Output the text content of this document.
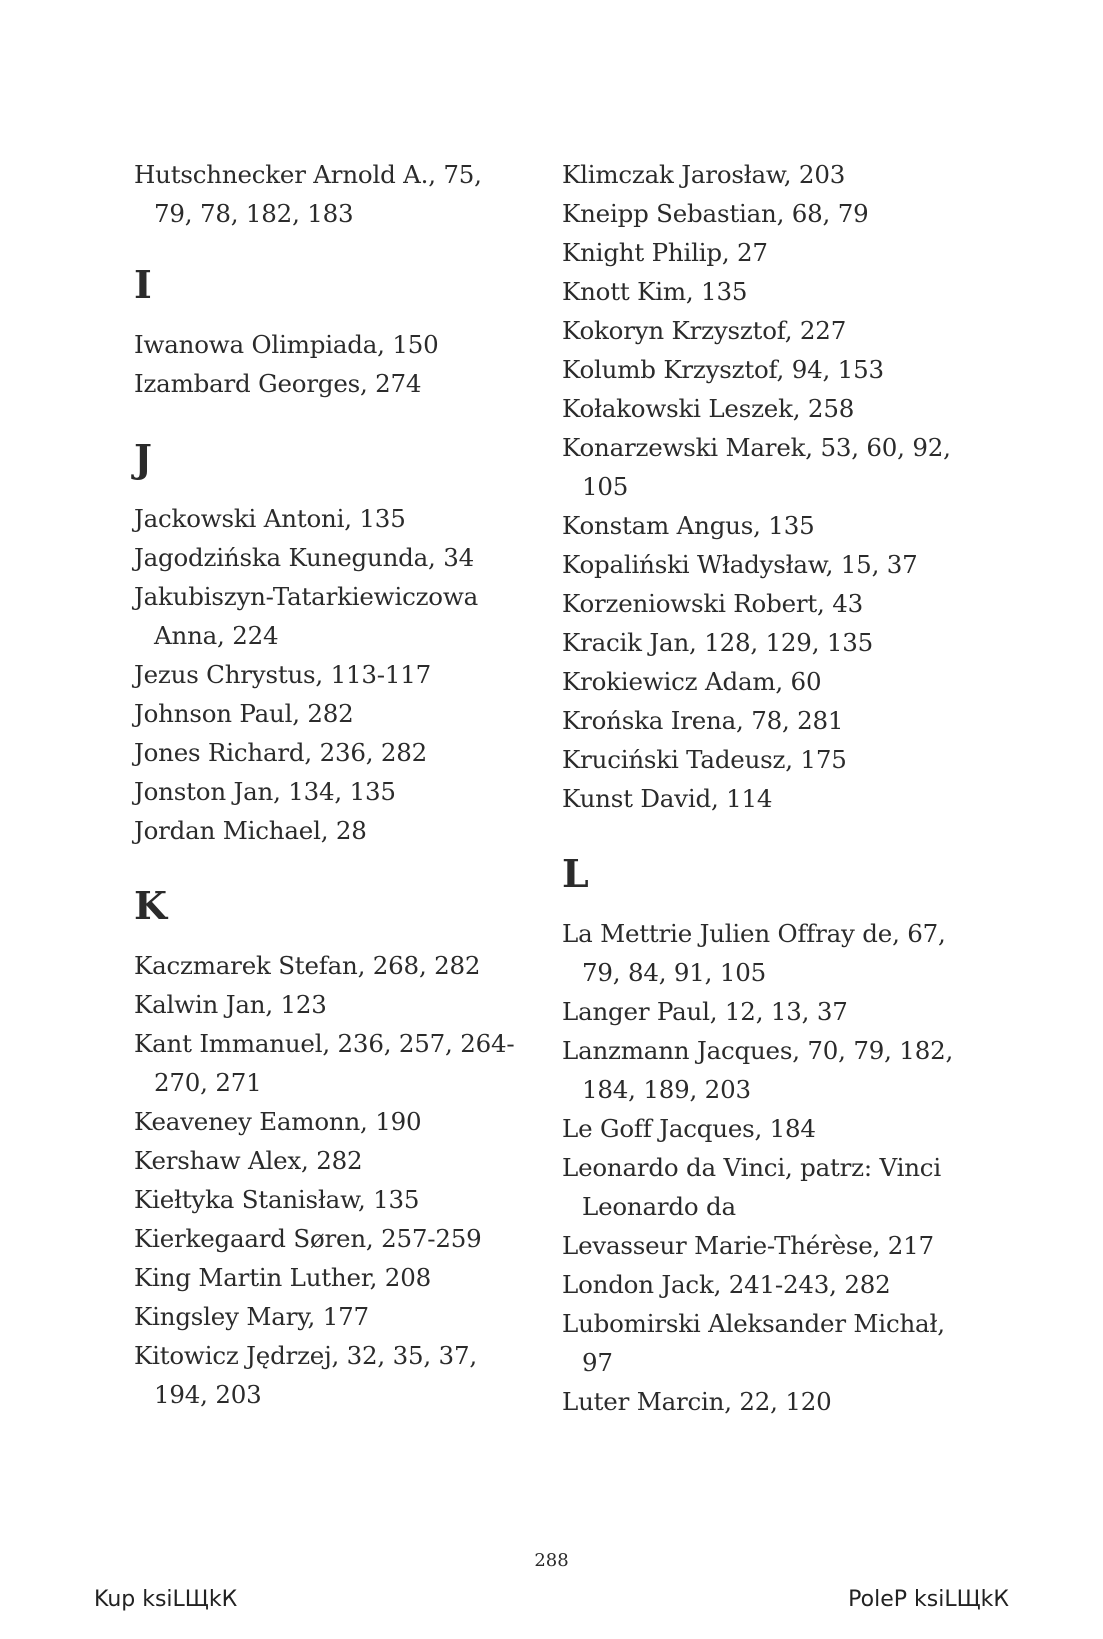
Hutschnecker Arnold A., 75, 79, 78, 182, 183
I
Iwanowa Olimpiada, 150
Izambard Georges, 274
J
Jackowski Antoni, 135
Jagodzińska Kunegunda, 34
Jakubiszyn-Tatarkiewiczowa Anna, 224
Jezus Chrystus, 113-117
Johnson Paul, 282
Jones Richard, 236, 282
Jonston Jan, 134, 135
Jordan Michael, 28
K
Kaczmarek Stefan, 268, 282
Kalwin Jan, 123
Kant Immanuel, 236, 257, 264-270, 271
Keaveney Eamonn, 190
Kershaw Alex, 282
Kiełtyka Stanisław, 135
Kierkegaard Søren, 257-259
King Martin Luther, 208
Kingsley Mary, 177
Kitowicz Jędrzej, 32, 35, 37, 194, 203
Klimczak Jarosław, 203
Kneipp Sebastian, 68, 79
Knight Philip, 27
Knott Kim, 135
Kokoryn Krzysztof, 227
Kolumb Krzysztof, 94, 153
Kołakowski Leszek, 258
Konarzewski Marek, 53, 60, 92, 105
Konstam Angus, 135
Kopaliński Władysław, 15, 37
Korzeniowski Robert, 43
Kracik Jan, 128, 129, 135
Krokiewicz Adam, 60
Krońska Irena, 78, 281
Kruciński Tadeusz, 175
Kunst David, 114
L
La Mettrie Julien Offray de, 67, 79, 84, 91, 105
Langer Paul, 12, 13, 37
Lanzmann Jacques, 70, 79, 182, 184, 189, 203
Le Goff Jacques, 184
Leonardo da Vinci, patrz: Vinci Leonardo da
Levasseur Marie-Thérèse, 217
London Jack, 241-243, 282
Lubomirski Aleksander Michał, 97
Luter Marcin, 22, 120
288
Kup ksiLЩkК	PoleP ksiLЩkК
